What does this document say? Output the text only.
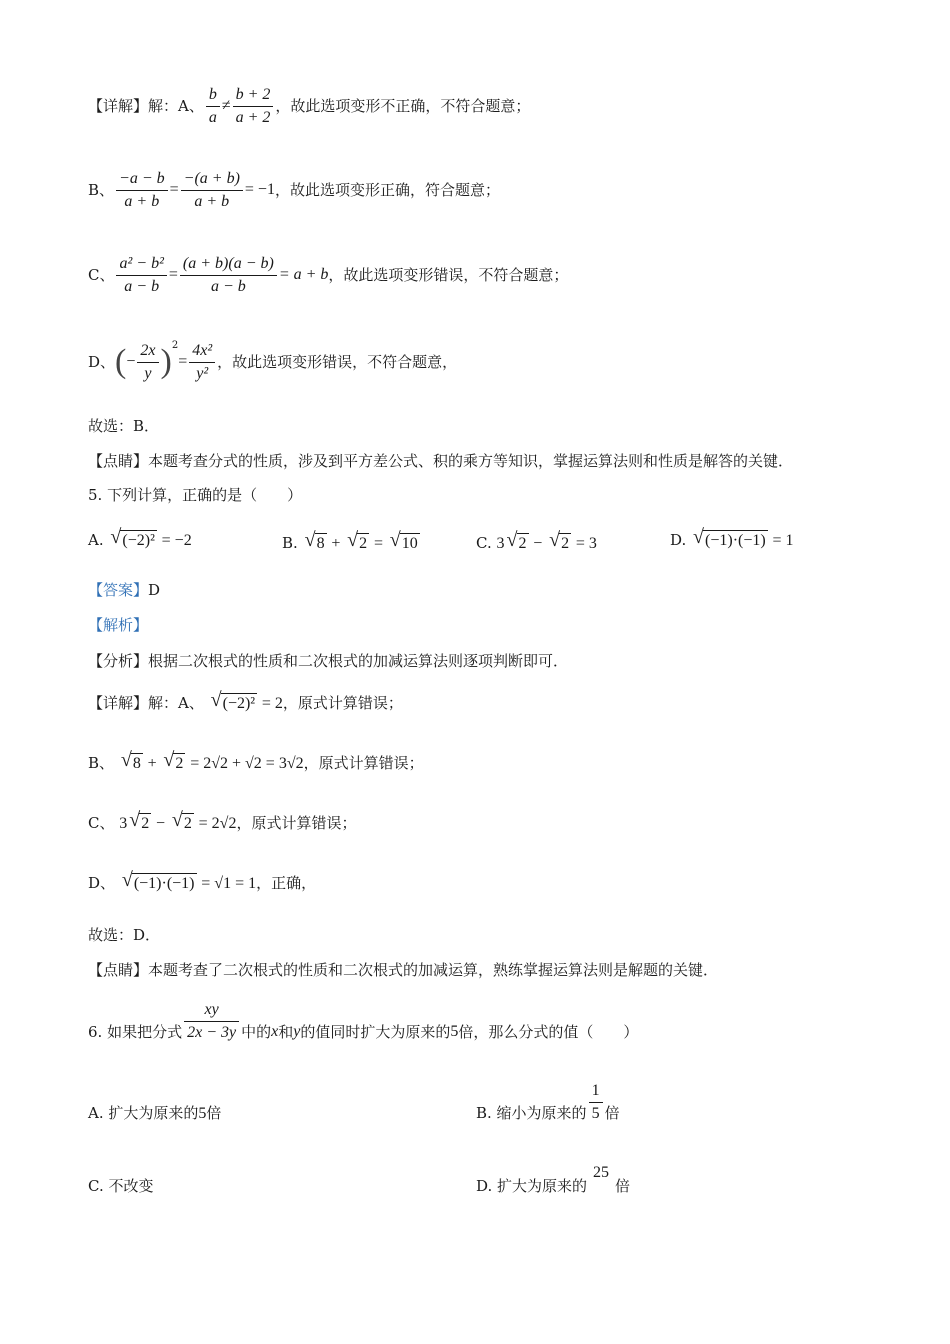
【详解】解：A、 $\frac{b}{a} \ne \frac{b + 2}{a + 2}$ ，故此选项变形不正确，不符合题意；
B、 $\frac{-a - b}{a + b} = \frac{-(a + b)}{a + b} = -1$ ，故此选项变形正确，符合题意；
C、 $\frac{\text{a² − b²}}{a - b} = \frac{(a + b)(a - b)}{a - b} = a + b$ ，故此选项变形错误，不符合题意；
D、 ( − $\frac{2x}{y}$ ) 2
= $\frac{\text{4x²}}{\text{y²}}$ ，故此选项变形错误，不符合题意，
故选：B．
【点睛】本题考查分式的性质，涉及到平方差公式、积的乘方等知识，掌握运算法则和性质是解答的关键．
5. 下列计算，正确的是（　　）
A. √ (−2)² = −2	B. √ 8 + √ 2 = √ 10	C. 3 √ 2 − √ 2 = 3	D. √ (−1)·(−1) = 1
【答案】D
【解析】
【分析】根据二次根式的性质和二次根式的加减运算法则逐项判断即可．
【详解】解：A、 √ (−2)² = 2，原式计算错误；
B、 √ 8 + √ 2 = 2√2 + √2 = 3√2，原式计算错误；
C、 3 √ 2 − √ 2 = 2√2，原式计算错误；
D、 √ (−1)·(−1) = √1 = 1，正确，
故选：D．
【点睛】本题考查了二次根式的性质和二次根式的加减运算，熟练掌握运算法则是解题的关键．
6. 如果把分式 $\frac{xy}{2x - 3y}$ 中的 x 和 y 的值同时扩大为原来的 5 倍，那么分式的值（　　）
A. 扩大为原来的5倍	B. 缩小为原来的 $\frac{1}{5}$ 倍
C. 不改变	D. 扩大为原来的25倍
